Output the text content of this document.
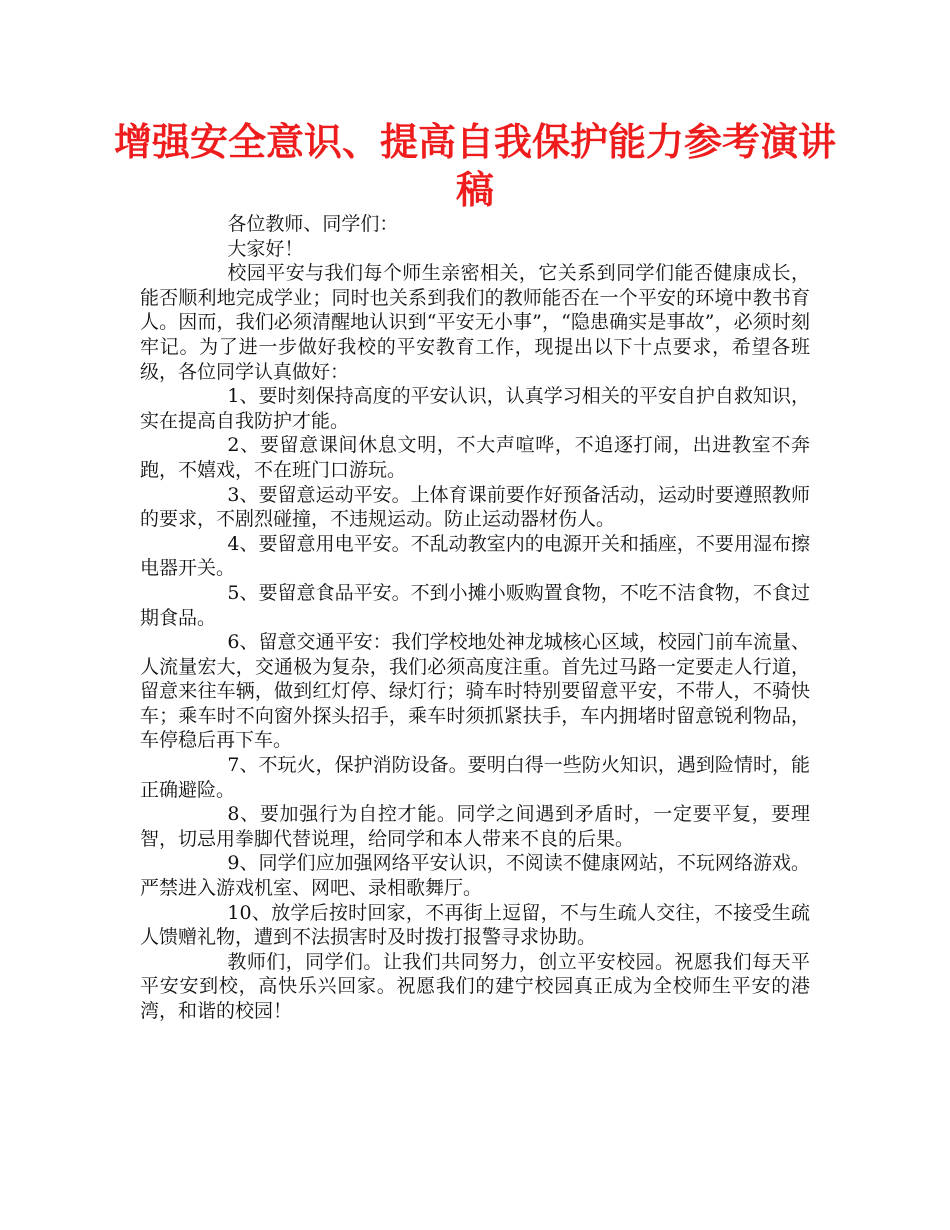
增强安全意识、提高自我保护能力参考演讲稿

各位教师、同学们：

大家好！

校园平安与我们每个师生亲密相关，它关系到同学们能否健康成长，能否顺利地完成学业；同时也关系到我们的教师能否在一个平安的环境中教书育人。因而，我们必须清醒地认识到“平安无小事”，“隐患确实是事故”，必须时刻牢记。为了进一步做好我校的平安教育工作，现提出以下十点要求，希望各班级，各位同学认真做好：

1、要时刻保持高度的平安认识，认真学习相关的平安自护自救知识，实在提高自我防护才能。

2、要留意课间休息文明，不大声喧哗，不追逐打闹，出进教室不奔跑，不嬉戏，不在班门口游玩。

3、要留意运动平安。上体育课前要作好预备活动，运动时要遵照教师的要求，不剧烈碰撞，不违规运动。防止运动器材伤人。

4、要留意用电平安。不乱动教室内的电源开关和插座，不要用湿布擦电器开关。

5、要留意食品平安。不到小摊小贩购置食物，不吃不洁食物，不食过期食品。

6、留意交通平安：我们学校地处神龙城核心区域，校园门前车流量、人流量宏大，交通极为复杂，我们必须高度注重。首先过马路一定要走人行道，留意来往车辆，做到红灯停、绿灯行；骑车时特别要留意平安，不带人，不骑快车；乘车时不向窗外探头招手，乘车时须抓紧扶手，车内拥堵时留意锐利物品，车停稳后再下车。

7、不玩火，保护消防设备。要明白得一些防火知识，遇到险情时，能正确避险。

8、要加强行为自控才能。同学之间遇到矛盾时，一定要平复，要理智，切忌用拳脚代替说理，给同学和本人带来不良的后果。

9、同学们应加强网络平安认识，不阅读不健康网站，不玩网络游戏。严禁进入游戏机室、网吧、录相歌舞厅。

10、放学后按时回家，不再街上逗留，不与生疏人交往，不接受生疏人馈赠礼物，遭到不法损害时及时拨打报警寻求协助。

教师们，同学们。让我们共同努力，创立平安校园。祝愿我们每天平平安安到校，高快乐兴回家。祝愿我们的建宁校园真正成为全校师生平安的港湾，和谐的校园！
